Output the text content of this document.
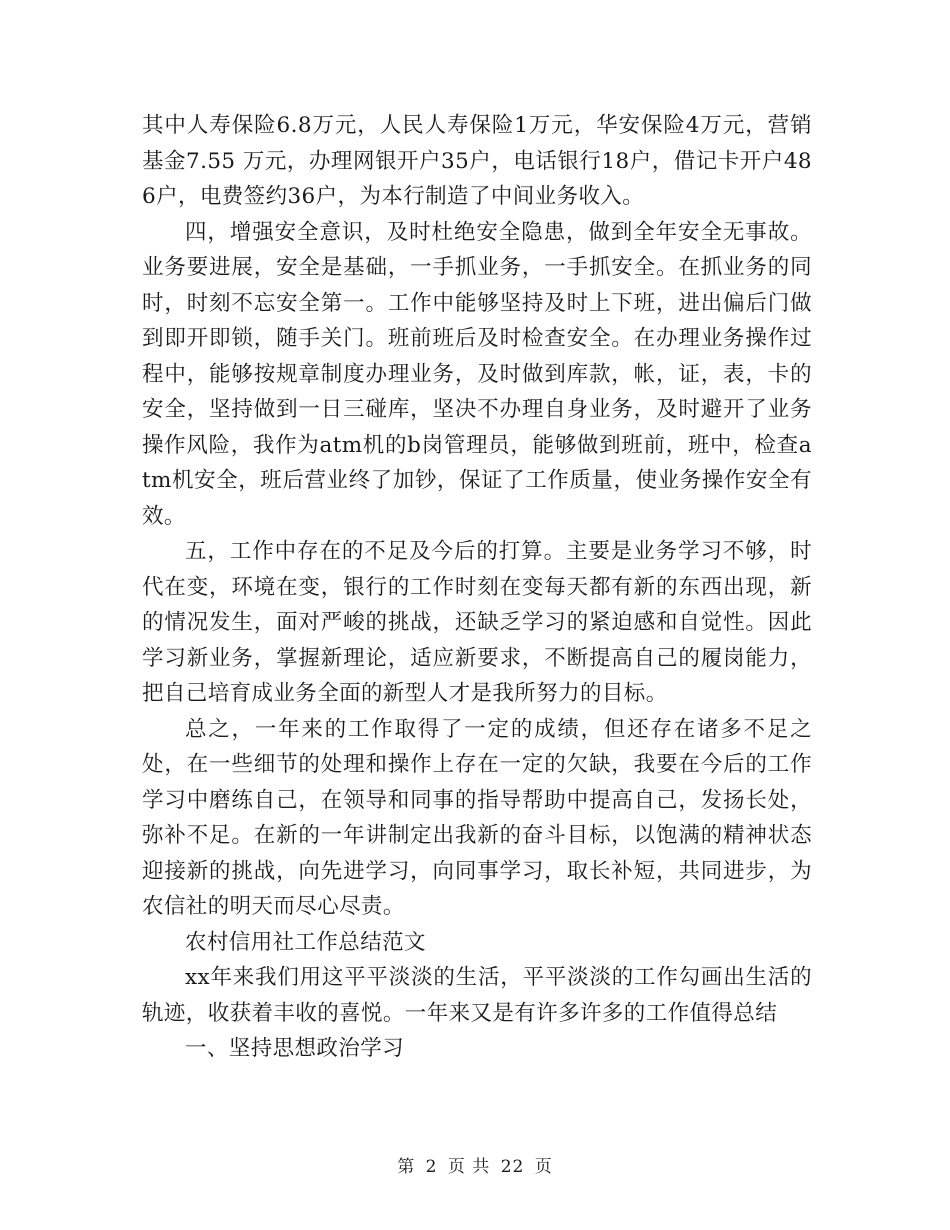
其中人寿保险6.8万元，人民人寿保险1万元，华安保险4万元，营销基金7.55 万元，办理网银开户35户，电话银行18户，借记卡开户486户，电费签约36户，为本行制造了中间业务收入。

四，增强安全意识，及时杜绝安全隐患，做到全年安全无事故。业务要进展，安全是基础，一手抓业务，一手抓安全。在抓业务的同时，时刻不忘安全第一。工作中能够坚持及时上下班，进出偏后门做到即开即锁，随手关门。班前班后及时检查安全。在办理业务操作过程中，能够按规章制度办理业务，及时做到库款，帐，证，表，卡的安全，坚持做到一日三碰库，坚决不办理自身业务，及时避开了业务操作风险，我作为atm机的b岗管理员，能够做到班前，班中，检查atm机安全，班后营业终了加钞，保证了工作质量，使业务操作安全有效。

五，工作中存在的不足及今后的打算。主要是业务学习不够，时代在变，环境在变，银行的工作时刻在变每天都有新的东西出现，新的情况发生，面对严峻的挑战，还缺乏学习的紧迫感和自觉性。因此学习新业务，掌握新理论，适应新要求，不断提高自己的履岗能力，把自己培育成业务全面的新型人才是我所努力的目标。

总之，一年来的工作取得了一定的成绩，但还存在诸多不足之处，在一些细节的处理和操作上存在一定的欠缺，我要在今后的工作学习中磨练自己，在领导和同事的指导帮助中提高自己，发扬长处，弥补不足。在新的一年讲制定出我新的奋斗目标，以饱满的精神状态迎接新的挑战，向先进学习，向同事学习，取长补短，共同进步，为农信社的明天而尽心尽责。

农村信用社工作总结范文

xx年来我们用这平平淡淡的生活，平平淡淡的工作勾画出生活的轨迹，收获着丰收的喜悦。一年来又是有许多许多的工作值得总结

一、坚持思想政治学习

第 2 页 共 22 页
